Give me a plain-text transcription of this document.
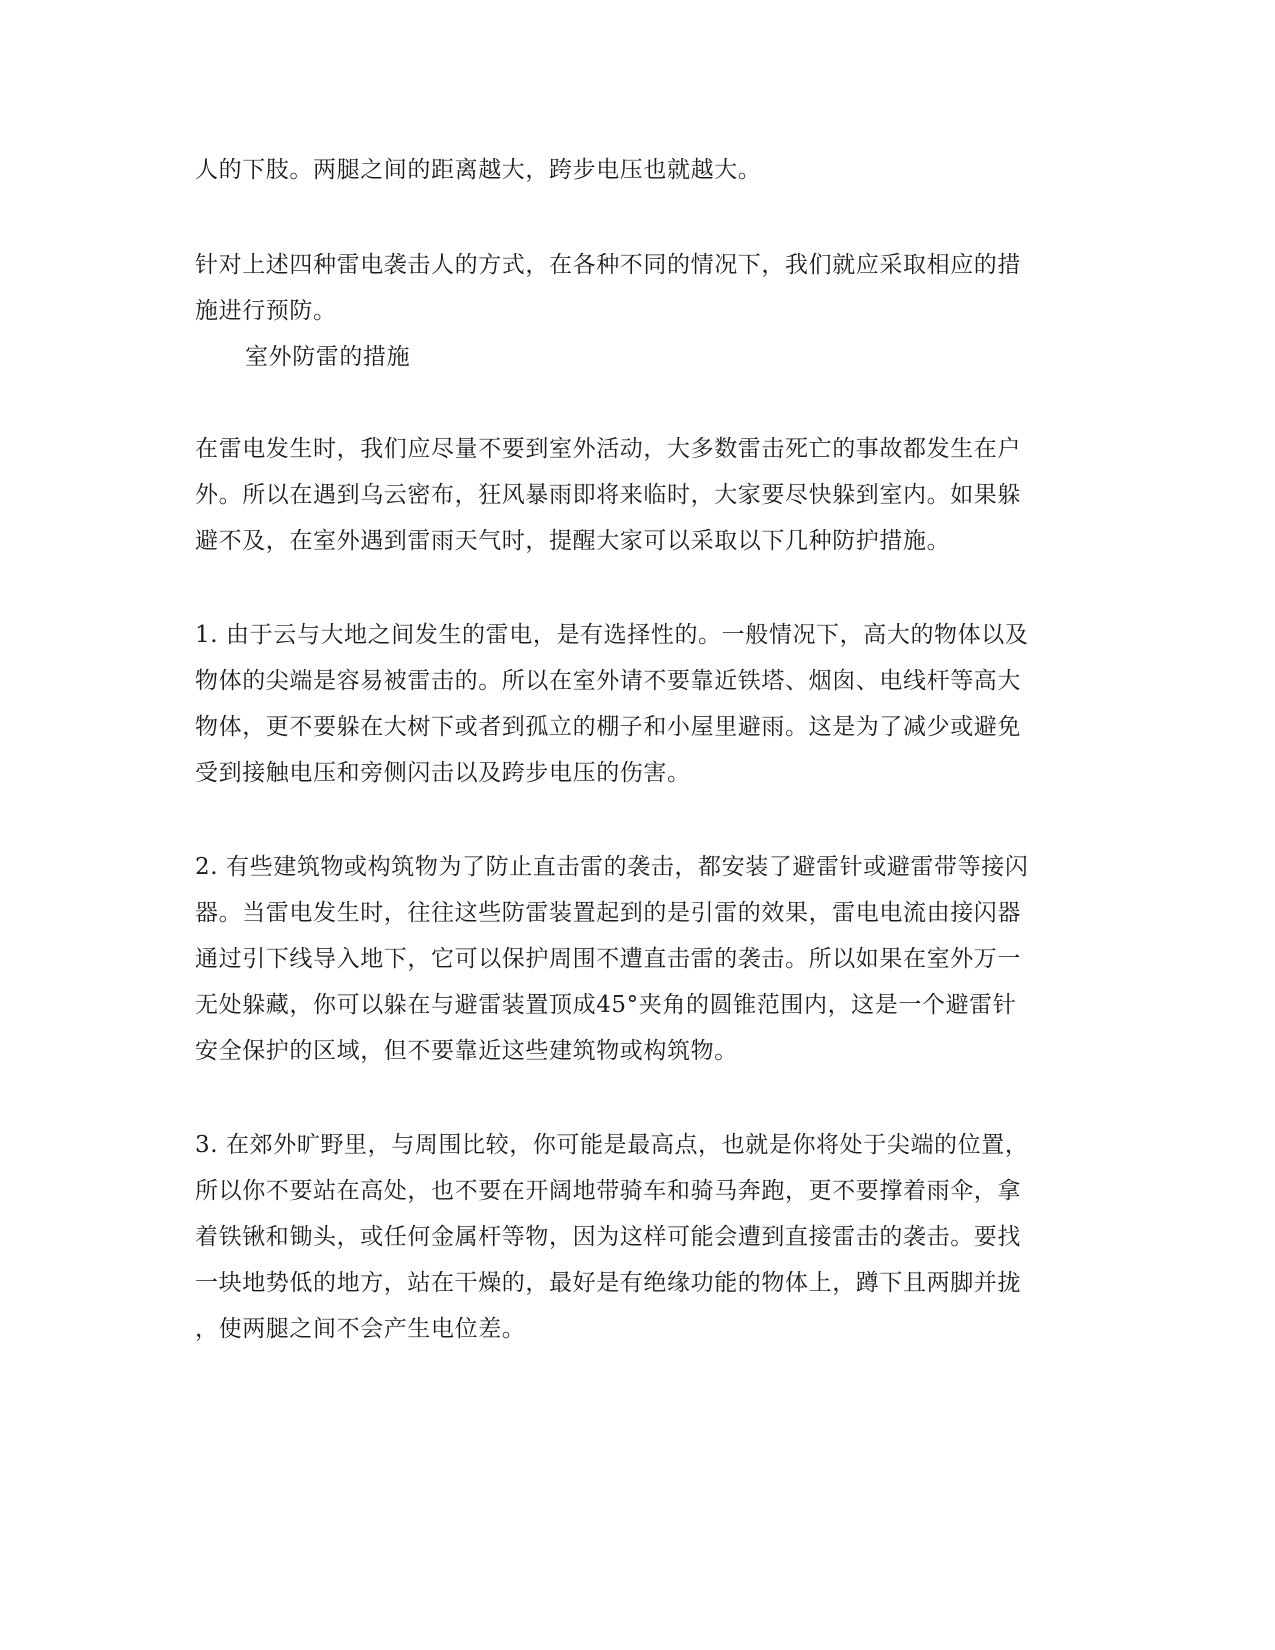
人的下肢。两腿之间的距离越大，跨步电压也就越大。
针对上述四种雷电袭击人的方式，在各种不同的情况下，我们就应采取相应的措
施进行预防。
室外防雷的措施
在雷电发生时，我们应尽量不要到室外活动，大多数雷击死亡的事故都发生在户
外。所以在遇到乌云密布，狂风暴雨即将来临时，大家要尽快躲到室内。如果躲
避不及，在室外遇到雷雨天气时，提醒大家可以采取以下几种防护措施。
1. 由于云与大地之间发生的雷电，是有选择性的。一般情况下，高大的物体以及
物体的尖端是容易被雷击的。所以在室外请不要靠近铁塔、烟囱、电线杆等高大
物体，更不要躲在大树下或者到孤立的棚子和小屋里避雨。这是为了减少或避免
受到接触电压和旁侧闪击以及跨步电压的伤害。
2. 有些建筑物或构筑物为了防止直击雷的袭击，都安装了避雷针或避雷带等接闪
器。当雷电发生时，往往这些防雷装置起到的是引雷的效果，雷电电流由接闪器
通过引下线导入地下，它可以保护周围不遭直击雷的袭击。所以如果在室外万一
无处躲藏，你可以躲在与避雷装置顶成45°夹角的圆锥范围内，这是一个避雷针
安全保护的区域，但不要靠近这些建筑物或构筑物。
3. 在郊外旷野里，与周围比较，你可能是最高点，也就是你将处于尖端的位置，
所以你不要站在高处，也不要在开阔地带骑车和骑马奔跑，更不要撑着雨伞，拿
着铁锹和锄头，或任何金属杆等物，因为这样可能会遭到直接雷击的袭击。要找
一块地势低的地方，站在干燥的，最好是有绝缘功能的物体上，蹲下且两脚并拢
，使两腿之间不会产生电位差。
